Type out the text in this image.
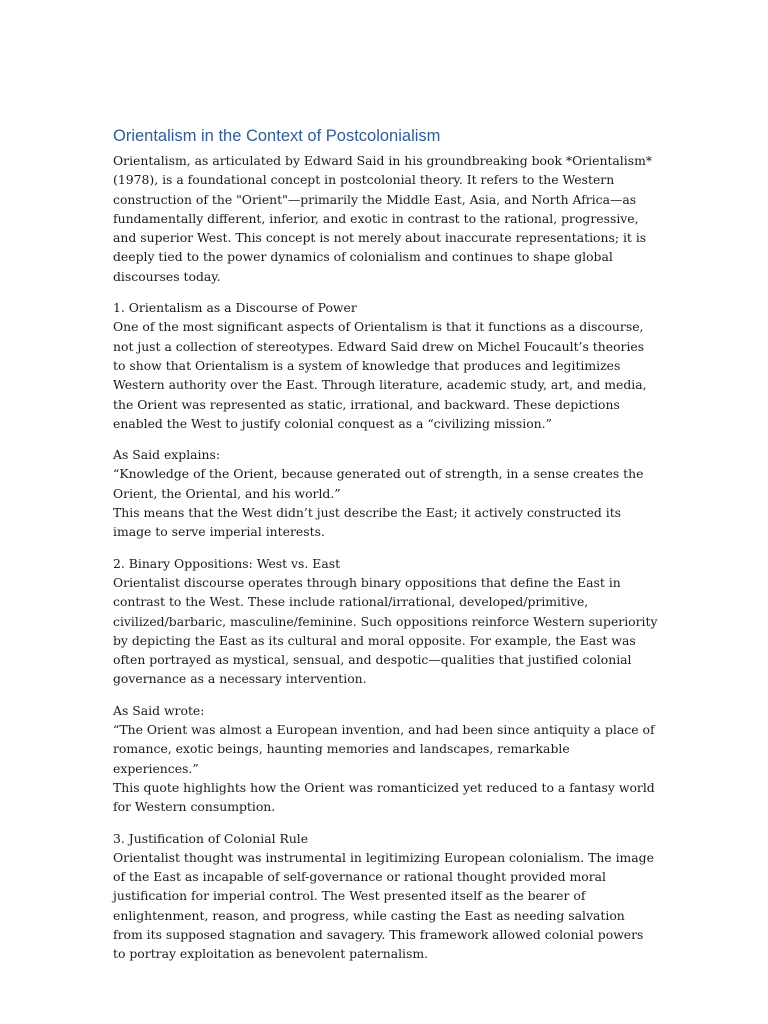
Orientalism in the Context of Postcolonialism

Orientalism, as articulated by Edward Said in his groundbreaking book *Orientalism* (1978), is a foundational concept in postcolonial theory. It refers to the Western construction of the "Orient"—primarily the Middle East, Asia, and North Africa—as fundamentally different, inferior, and exotic in contrast to the rational, progressive, and superior West. This concept is not merely about inaccurate representations; it is deeply tied to the power dynamics of colonialism and continues to shape global discourses today.

1. Orientalism as a Discourse of Power
One of the most significant aspects of Orientalism is that it functions as a discourse, not just a collection of stereotypes. Edward Said drew on Michel Foucault’s theories to show that Orientalism is a system of knowledge that produces and legitimizes Western authority over the East. Through literature, academic study, art, and media, the Orient was represented as static, irrational, and backward. These depictions enabled the West to justify colonial conquest as a “civilizing mission.”
As Said explains:
“Knowledge of the Orient, because generated out of strength, in a sense creates the Orient, the Oriental, and his world.”
This means that the West didn’t just describe the East; it actively constructed its image to serve imperial interests.
2. Binary Oppositions: West vs. East
Orientalist discourse operates through binary oppositions that define the East in contrast to the West. These include rational/irrational, developed/primitive, civilized/barbaric, masculine/feminine. Such oppositions reinforce Western superiority by depicting the East as its cultural and moral opposite. For example, the East was often portrayed as mystical, sensual, and despotic—qualities that justified colonial governance as a necessary intervention.
As Said wrote:
“The Orient was almost a European invention, and had been since antiquity a place of romance, exotic beings, haunting memories and landscapes, remarkable experiences.”
This quote highlights how the Orient was romanticized yet reduced to a fantasy world for Western consumption.
3. Justification of Colonial Rule
Orientalist thought was instrumental in legitimizing European colonialism. The image of the East as incapable of self-governance or rational thought provided moral justification for imperial control. The West presented itself as the bearer of enlightenment, reason, and progress, while casting the East as needing salvation from its supposed stagnation and savagery. This framework allowed colonial powers to portray exploitation as benevolent paternalism.
